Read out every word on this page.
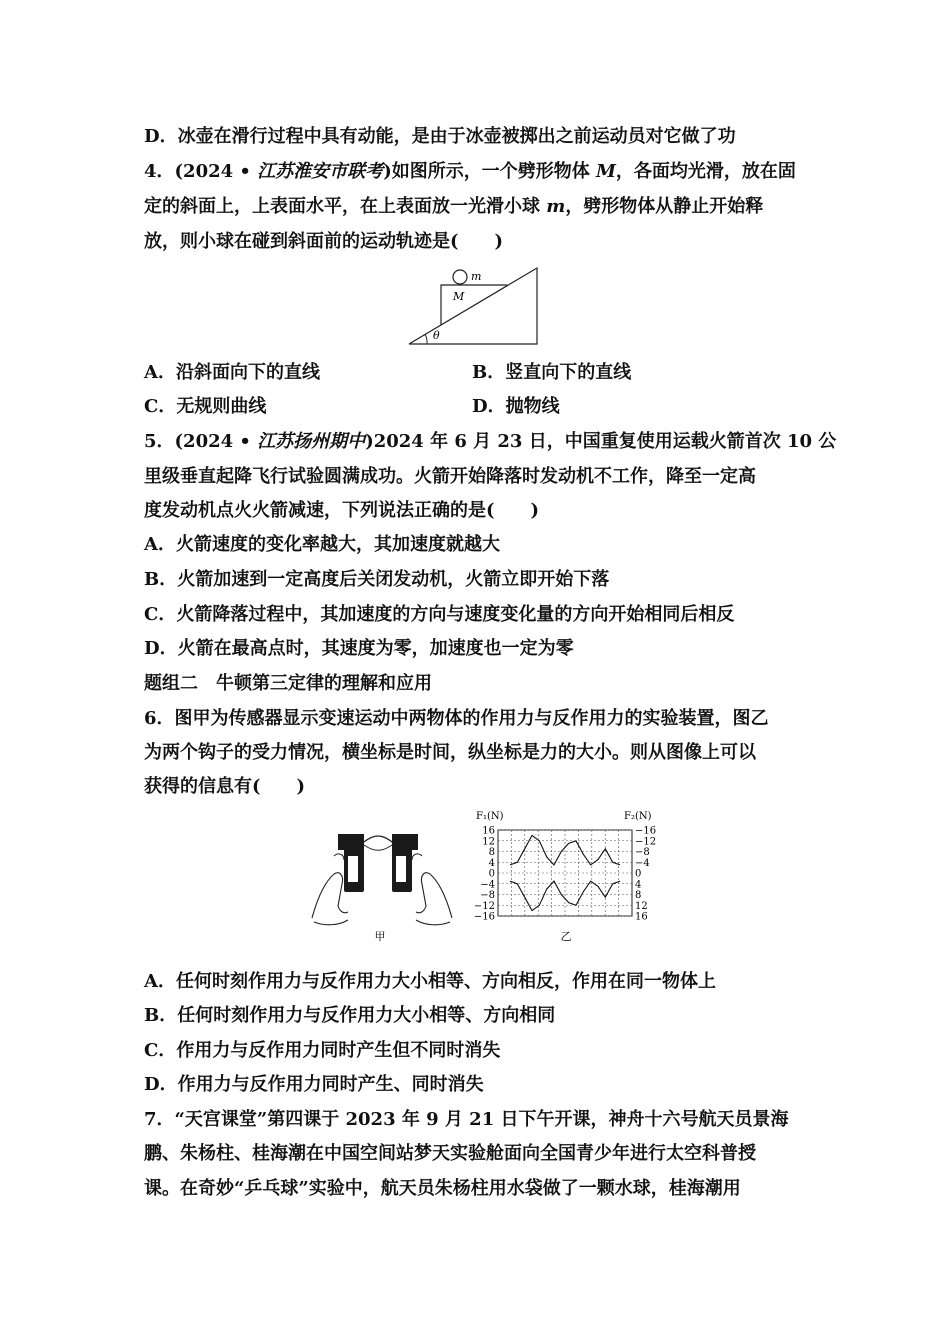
D．冰壶在滑行过程中具有动能，是由于冰壶被掷出之前运动员对它做了功
4．(2024 • 江苏淮安市联考)如图所示，一个劈形物体 M，各面均光滑，放在固
定的斜面上，上表面水平，在上表面放一光滑小球 m，劈形物体从静止开始释
放，则小球在碰到斜面前的运动轨迹是(　　)
m
M
θ
A．沿斜面向下的直线	B．竖直向下的直线
C．无规则曲线	D．抛物线
5．(2024 • 江苏扬州期中)2024 年 6 月 23 日，中国重复使用运载火箭首次 10 公
里级垂直起降飞行试验圆满成功。火箭开始降落时发动机不工作，降至一定高
度发动机点火火箭减速，下列说法正确的是(　　)
A．火箭速度的变化率越大，其加速度就越大
B．火箭加速到一定高度后关闭发动机，火箭立即开始下落
C．火箭降落过程中，其加速度的方向与速度变化量的方向开始相同后相反
D．火箭在最高点时，其速度为零，加速度也一定为零
题组二　牛顿第三定律的理解和应用
6．图甲为传感器显示变速运动中两物体的作用力与反作用力的实验装置，图乙
为两个钩子的受力情况，横坐标是时间，纵坐标是力的大小。则从图像上可以
获得的信息有(　　)
甲
16	−16
12	−12
8	−8
4	−4
0	0
−4	4
−8	8
−12	12
−16	16
F₁(N)	F₂(N)
乙
A．任何时刻作用力与反作用力大小相等、方向相反，作用在同一物体上
B．任何时刻作用力与反作用力大小相等、方向相同
C．作用力与反作用力同时产生但不同时消失
D．作用力与反作用力同时产生、同时消失
7．“天宫课堂”第四课于 2023 年 9 月 21 日下午开课，神舟十六号航天员景海
鹏、朱杨柱、桂海潮在中国空间站梦天实验舱面向全国青少年进行太空科普授
课。在奇妙“乒乓球”实验中，航天员朱杨柱用水袋做了一颗水球，桂海潮用
